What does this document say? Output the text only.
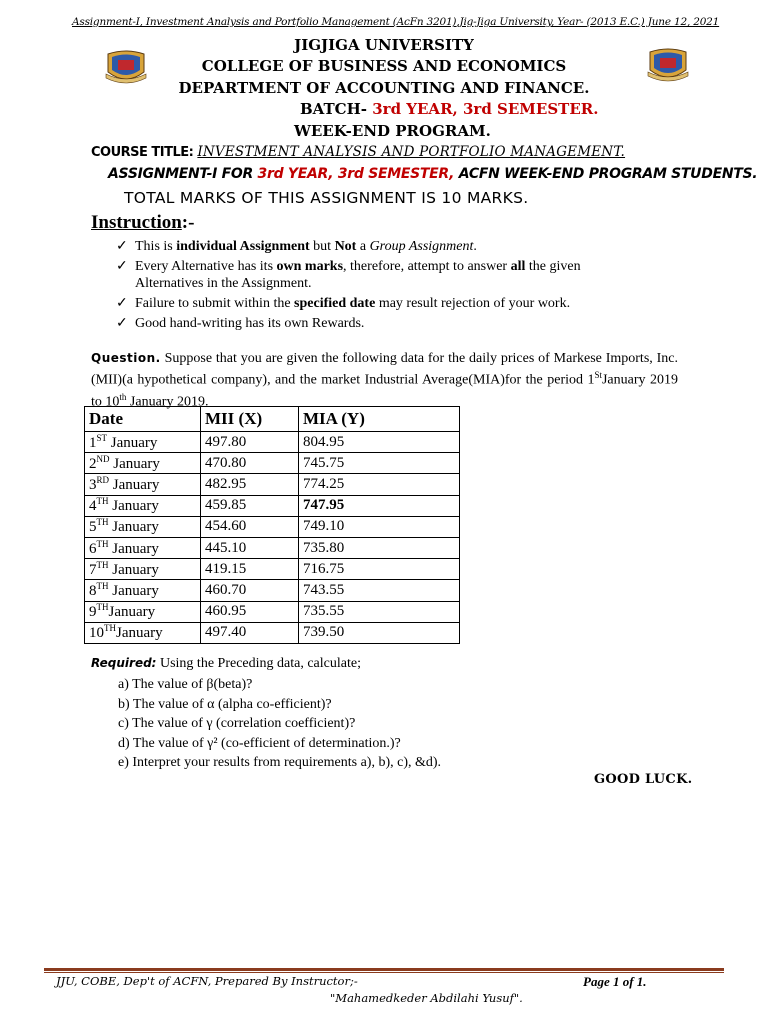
Assignment-I, Investment Analysis and Portfolio Management (AcFn 3201),Jig-Jiga University, Year- (2013 E.C.) June 12, 2021
JIGJIGA UNIVERSITY
COLLEGE OF BUSINESS AND ECONOMICS
DEPARTMENT OF ACCOUNTING AND FINANCE.
BATCH- 3rd YEAR, 3rd SEMESTER.
WEEK-END PROGRAM.
COURSE TITLE: INVESTMENT ANALYSIS AND PORTFOLIO MANAGEMENT.
ASSIGNMENT-I FOR 3rd YEAR, 3rd SEMESTER, ACFN WEEK-END PROGRAM STUDENTS.
TOTAL MARKS OF THIS ASSIGNMENT IS 10 MARKS.
Instruction:-
✓ This is individual Assignment but Not a Group Assignment.
✓ Every Alternative has its own marks, therefore, attempt to answer all the given Alternatives in the Assignment.
✓ Failure to submit within the specified date may result rejection of your work.
✓ Good hand-writing has its own Rewards.
Question. Suppose that you are given the following data for the daily prices of Markese Imports, Inc.(MII)(a hypothetical company), and the market Industrial Average(MIA)for the period 1StJanuary 2019 to 10th January 2019.
Date	MII (X)	MIA (Y)
1ST January	497.80	804.95
2ND January	470.80	745.75
3RD January	482.95	774.25
4TH January	459.85	747.95
5TH January	454.60	749.10
6TH January	445.10	735.80
7TH January	419.15	716.75
8TH January	460.70	743.55
9THJanuary	460.95	735.55
10THJanuary	497.40	739.50
Required: Using the Preceding data, calculate;
a) The value of β(beta)?
b) The value of α (alpha co-efficient)?
c) The value of γ (correlation coefficient)?
d) The value of γ² (co-efficient of determination.)?
e) Interpret your results from requirements a), b), c), &d).
GOOD LUCK.
JJU, COBE, Dep't of ACFN, Prepared By Instructor;-	Page 1 of 1.
"Mahamedkeder Abdilahi Yusuf".
